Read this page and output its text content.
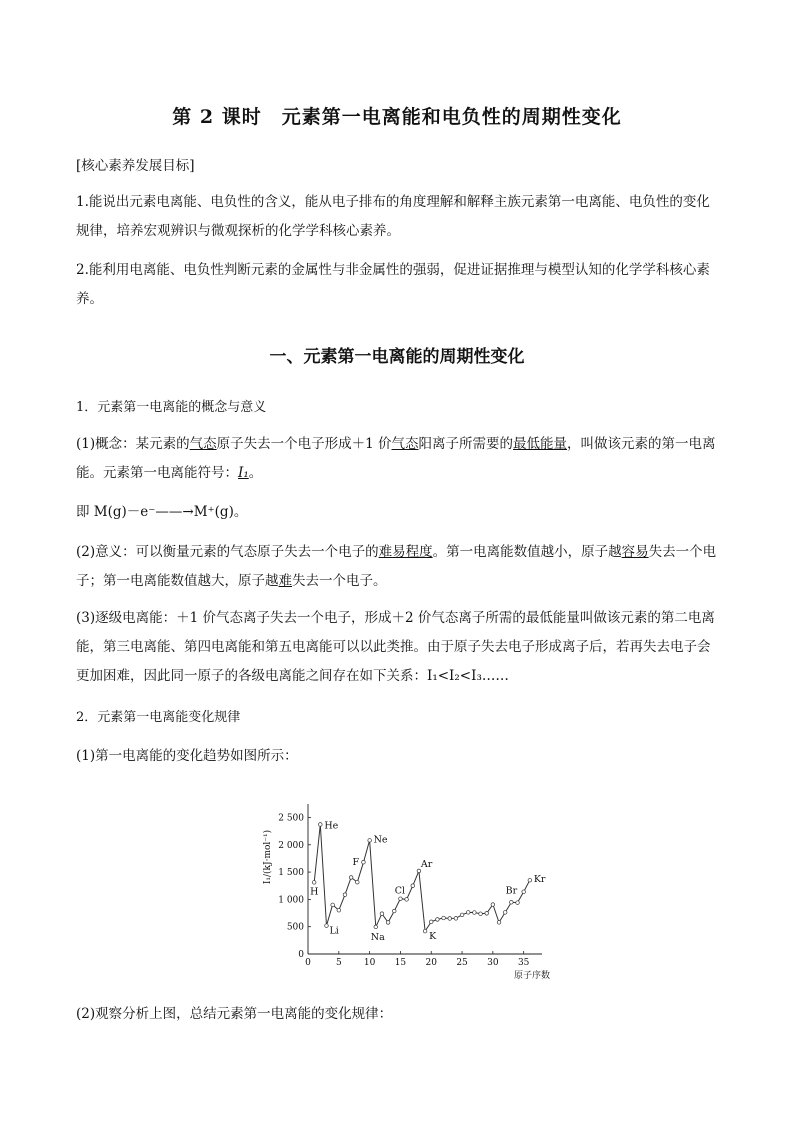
第 2 课时　元素第一电离能和电负性的周期性变化
[核心素养发展目标]
1.能说出元素电离能、电负性的含义，能从电子排布的角度理解和解释主族元素第一电离能、电负性的变化规律，培养宏观辨识与微观探析的化学学科核心素养。
2.能利用电离能、电负性判断元素的金属性与非金属性的强弱，促进证据推理与模型认知的化学学科核心素养。
一、元素第一电离能的周期性变化
1．元素第一电离能的概念与意义
(1)概念：某元素的气态原子失去一个电子形成＋1 价气态阳离子所需要的最低能量，叫做该元素的第一电离能。元素第一电离能符号：I₁。
即 M(g)－e⁻——→M⁺(g)。
(2)意义：可以衡量元素的气态原子失去一个电子的难易程度。第一电离能数值越小，原子越容易失去一个电子；第一电离能数值越大，原子越难失去一个电子。
(3)逐级电离能：＋1 价气态离子失去一个电子，形成＋2 价气态离子所需的最低能量叫做该元素的第二电离能，第三电离能、第四电离能和第五电离能可以以此类推。由于原子失去电子形成离子后，若再失去电子会更加困难，因此同一原子的各级电离能之间存在如下关系：I₁<I₂<I₃……
2．元素第一电离能变化规律
(1)第一电离能的变化趋势如图所示：
0
500
1 000
1 500
2 000
2 500
0	5 10 15 20 25 30 35
I₁/(kJ·mol⁻¹)
原子序数
H
He
Li
F
Ne
Na
Cl
Ar
K
Br
Kr
(2)观察分析上图，总结元素第一电离能的变化规律：
